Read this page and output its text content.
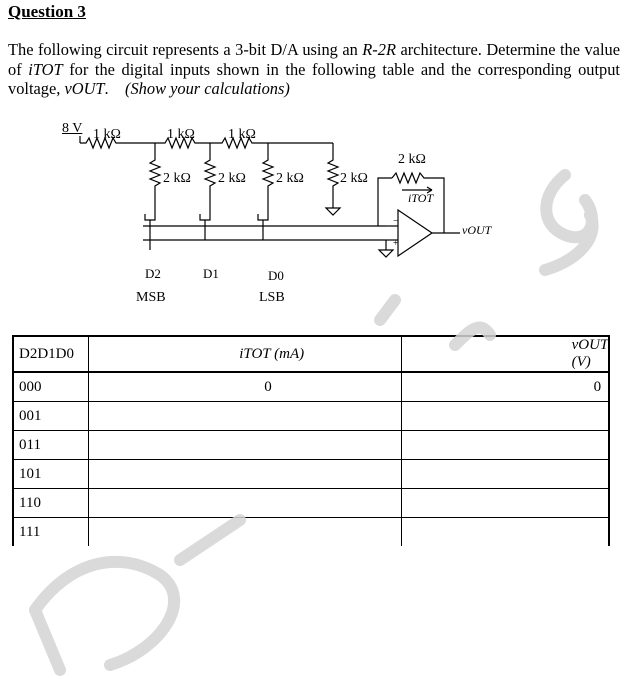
Question 3
The following circuit represents a 3-bit D/A using an R-2R architecture. Determine the value of iTOT for the digital inputs shown in the following table and the corresponding output voltage, vOUT. (Show your calculations)
−
+
8 V 1 kΩ	1 kΩ 1 kΩ
2 kΩ 2 kΩ 2 kΩ	2 kΩ
2 kΩ
iTOT
vOUT
D2	D1	D0
MSB	LSB
D2D1D0	iTOT (mA)	vOUT (V)
000	0	0
001		
011		
101		
110		
111		
